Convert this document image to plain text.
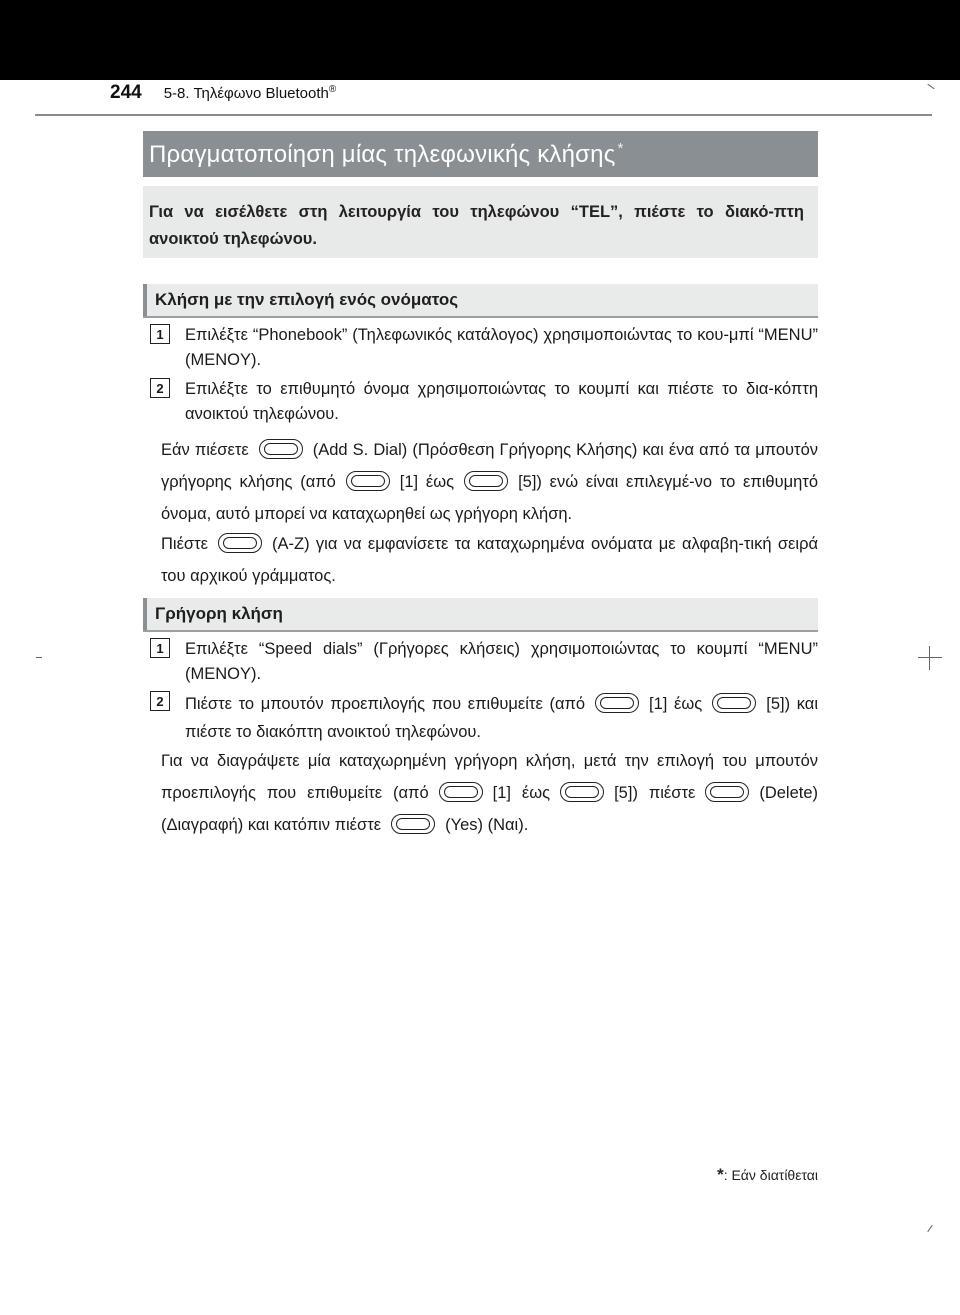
244 5-8. Τηλέφωνο Bluetooth®
Πραγματοποίηση μίας τηλεφωνικής κλήσης *

Για να εισέλθετε στη λειτουργία του τηλεφώνου “TEL”, πιέστε το διακό-πτη ανοικτού τηλεφώνου.

Κλήση με την επιλογή ενός ονόματος
1	Επιλέξτε “Phonebook” (Τηλεφωνικός κατάλογος) χρησιμοποιώντας το κου-μπί “MENU” (MENOY).

2	Επιλέξτε το επιθυμητό όνομα χρησιμοποιώντας το κουμπί και πιέστε το δια-κόπτη ανοικτού τηλεφώνου.

Εάν πιέσετε	(Add S. Dial) (Πρόσθεση Γρήγορης Κλήσης) και ένα από τα μπουτόν γρήγορης κλήσης (από	[1] έως	[5]) ενώ είναι επιλεγμέ-νο το επιθυμητό όνομα, αυτό μπορεί να καταχωρηθεί ως γρήγορη κλήση.

Πιέστε	(A-Z) για να εμφανίσετε τα καταχωρημένα ονόματα με αλφαβη-τική σειρά του αρχικού γράμματος.

Γρήγορη κλήση
1	Επιλέξτε “Speed dials” (Γρήγορες κλήσεις) χρησιμοποιώντας το κουμπί “MENU” (MENOY).

2	Πιέστε το μπουτόν προεπιλογής που επιθυμείτε (από	[1] έως	[5]) και πιέστε το διακόπτη ανοικτού τηλεφώνου.

Για να διαγράψετε μία καταχωρημένη γρήγορη κλήση, μετά την επιλογή του μπουτόν προεπιλογής που επιθυμείτε (από	[1] έως	[5]) πιέστε	(Delete) (Διαγραφή) και κατόπιν πιέστε	(Yes) (Ναι).

*: Εάν διατίθεται
